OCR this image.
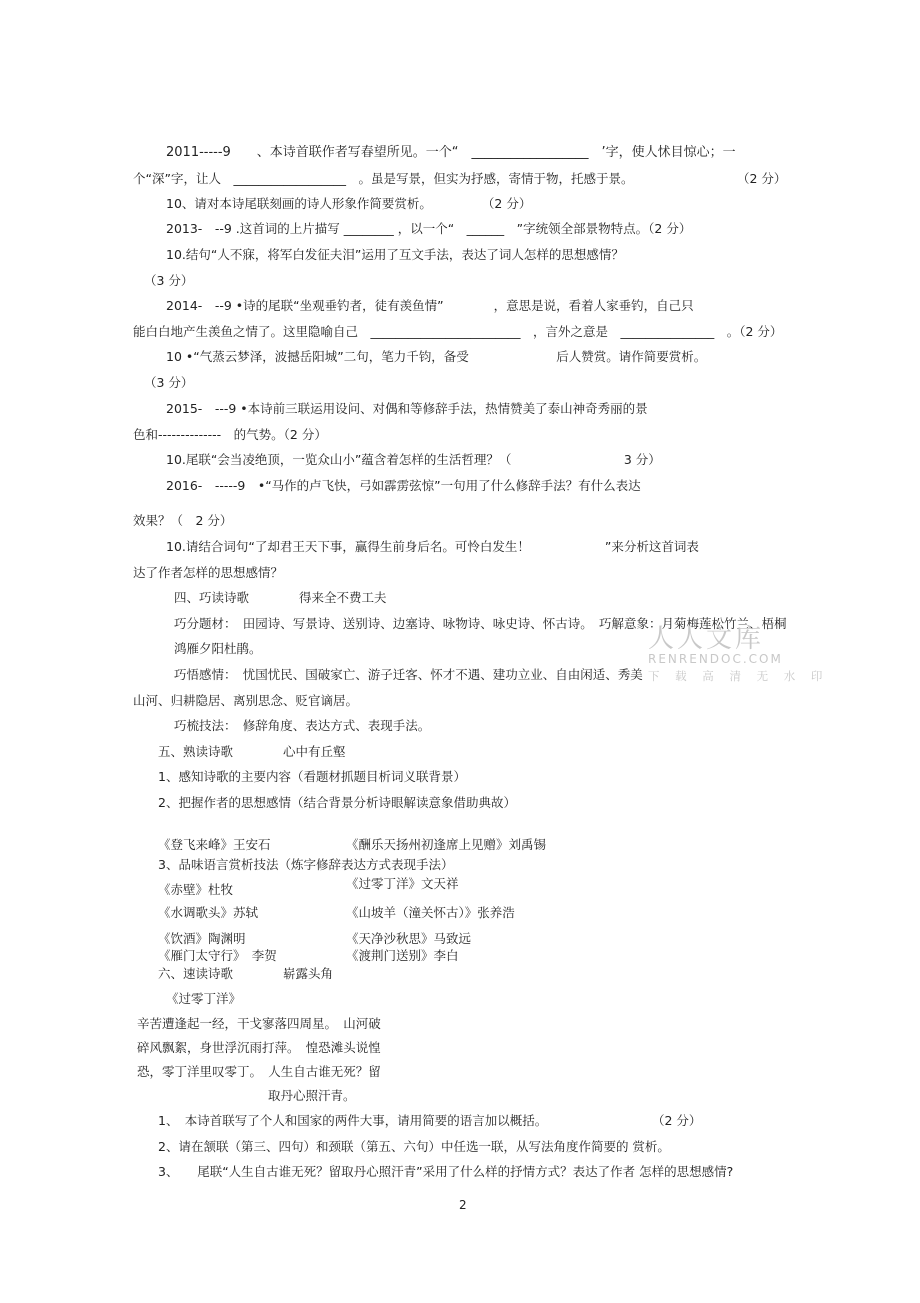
2011-----9　　、本诗首联作者写春望所见。一个“　__________________　’字，使人怵目惊心；一
个“深”字，让人　__________________　。虽是写景，但实为抒感，寄情于物，托感于景。	（2 分）
10、请对本诗尾联刻画的诗人形象作简要赏析。　　　　　（2 分）
2013-　--9 .这首词的上片描写 ________ ，以一个“　______　”字统领全部景物特点。（2 分）
10.结句“人不寐，将军白发征夫泪”运用了互文手法，表达了词人怎样的思想感情？
（3 分）
2014-　--9 •诗的尾联“坐观垂钓者，徒有羡鱼情”　　　　，意思是说，看着人家垂钓，自己只
能白白地产生羡鱼之情了。这里隐喻自己　________________________　，言外之意是　_______________　。（2 分）
10 •“气蒸云梦泽，波撼岳阳城”二句，笔力千钧，备受　　　　　　　后人赞赏。请作简要赏析。
（3 分）
2015-　---9 •本诗前三联运用设问、对偶和等修辞手法，热情赞美了泰山神奇秀丽的景
色和--------------　的气势。（2 分）
10.尾联“会当凌绝顶，一览众山小”蕴含着怎样的生活哲理？（　　　　　　　　　3 分）
2016-　-----9　•“马作的卢飞快，弓如霹雳弦惊”一句用了什么修辞手法？有什么表达
效果？（　2 分）
10.请结合词句“了却君王天下事，赢得生前身后名。可怜白发生！　　　　　　”来分析这首词表
达了作者怎样的思想感情？
四、巧读诗歌　　　　得来全不费工夫
巧分题材：　田园诗、写景诗、送别诗、边塞诗、咏物诗、咏史诗、怀古诗。　巧解意象：月菊梅莲松竹兰、梧桐
鸿雁夕阳杜鹃。
巧悟感情：　忧国忧民、国破家亡、游子迁客、怀才不遇、建功立业、自由闲适、秀美
山河、归耕隐居、离别思念、贬官谪居。
巧梳技法：　修辞角度、表达方式、表现手法。
五、熟读诗歌　　　　心中有丘壑
1、感知诗歌的主要内容（看题材抓题目析词义联背景）
2、把握作者的思想感情（结合背景分析诗眼解读意象借助典故）
《登飞来峰》王安石	《酬乐天扬州初逢席上见赠》刘禹锡
3、品味语言赏析技法（炼字修辞表达方式表现手法）
《赤壁》杜牧	《过零丁洋》文天祥
《水调歌头》苏轼	《山坡羊（潼关怀古）》张养浩
《饮酒》陶渊明	《天净沙秋思》马致远
《雁门太守行》　李贺	《渡荆门送别》李白
六、速读诗歌　　　　崭露头角
《过零丁洋》
辛苦遭逢起一经，干戈寥落四周星。　山河破
碎风飘絮，身世浮沉雨打萍。　惶恐滩头说惶
恐，零丁洋里叹零丁。　人生自古谁无死？留
取丹心照汗青。
1、　本诗首联写了个人和国家的两件大事，请用简要的语言加以概括。	（2 分）
2、请在颔联（第三、四句）和颈联（第五、六句）中任选一联，从写法角度作简要的 赏析。
3、　　尾联“人生自古谁无死？留取丹心照汗青”采用了什么样的抒情方式？表达了作者 怎样的思想感情?
人人文库
RENRENDOC.COM
下 载 高 清 无 水 印
2
